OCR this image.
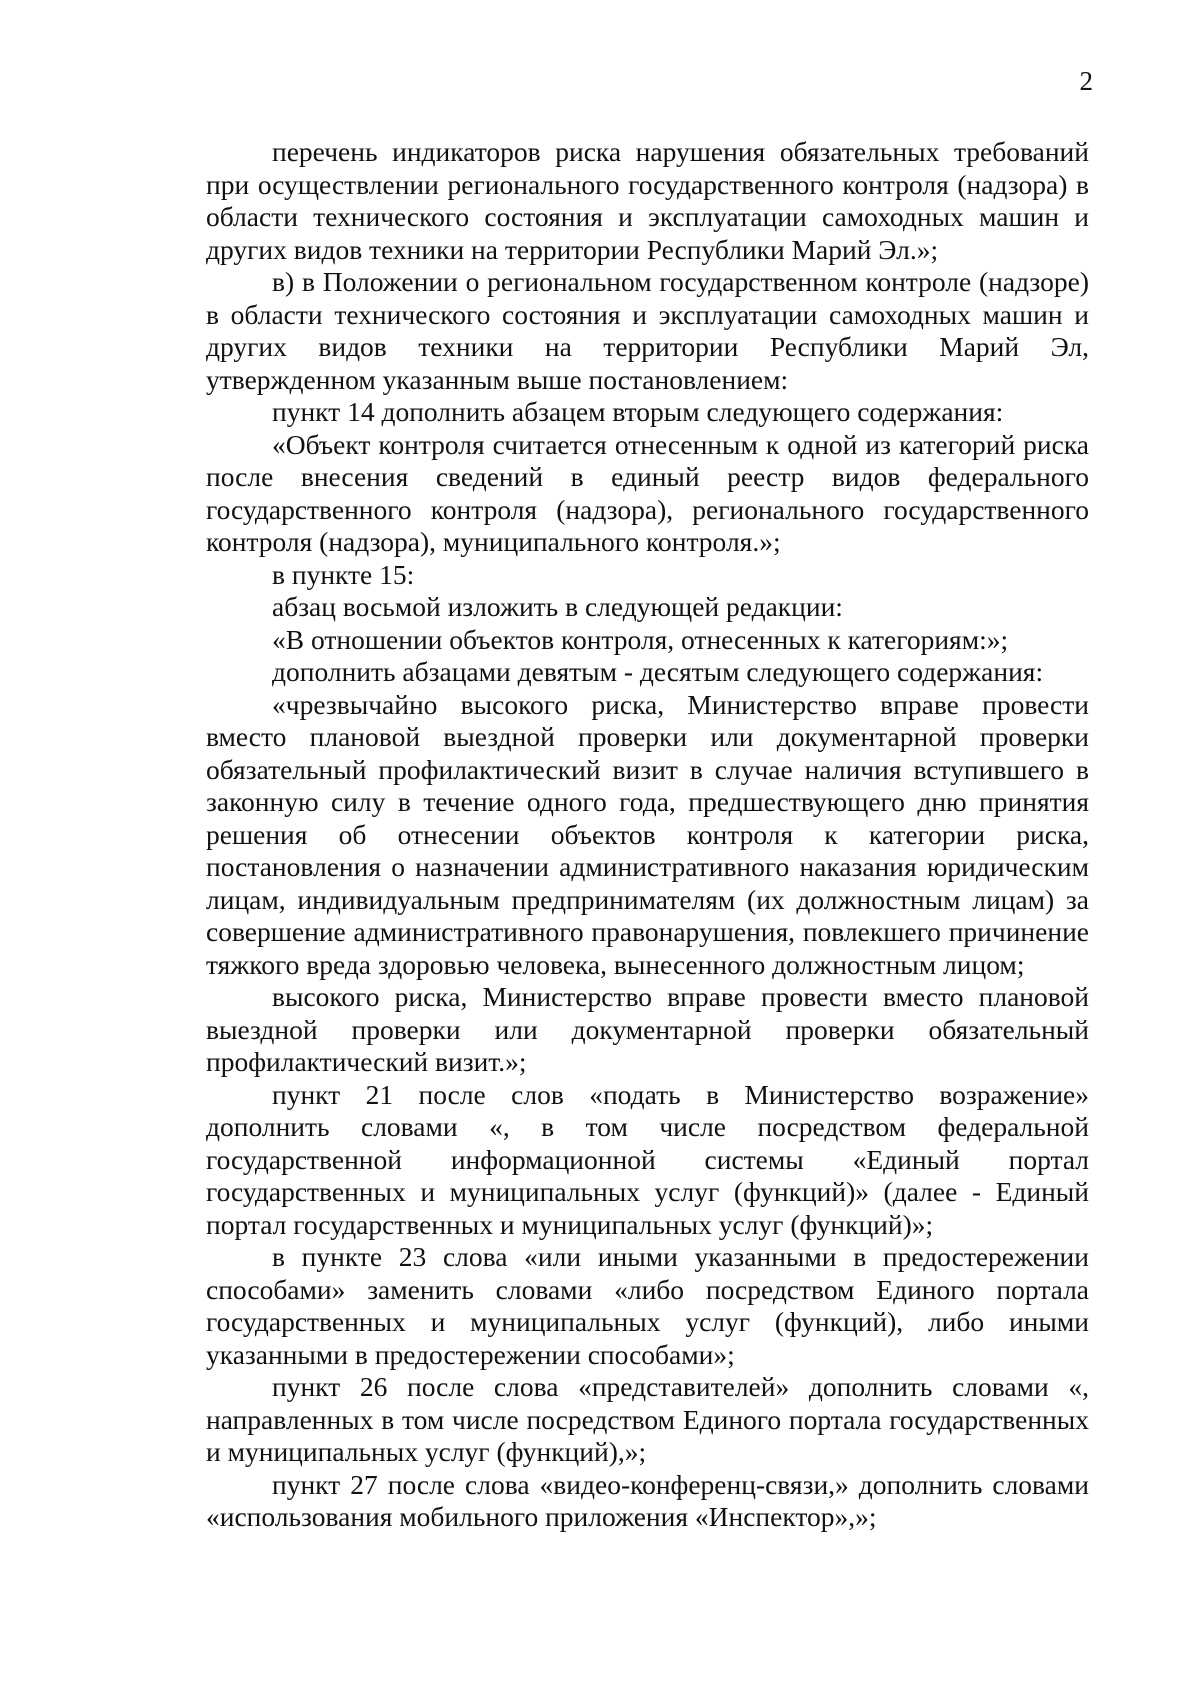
2

перечень индикаторов риска нарушения обязательных требований при осуществлении регионального государственного контроля (надзора) в области технического состояния и эксплуатации самоходных машин и других видов техники на территории Республики Марий Эл.»;

в) в Положении о региональном государственном контроле (надзоре) в области технического состояния и эксплуатации самоходных машин и других видов техники на территории Республики Марий Эл, утвержденном указанным выше постановлением:

пункт 14 дополнить абзацем вторым следующего содержания:

«Объект контроля считается отнесенным к одной из категорий риска после внесения сведений в единый реестр видов федерального государственного контроля (надзора), регионального государственного контроля (надзора), муниципального контроля.»;

в пункте 15:

абзац восьмой изложить в следующей редакции:

«В отношении объектов контроля, отнесенных к категориям:»;

дополнить абзацами девятым - десятым следующего содержания:

«чрезвычайно высокого риска, Министерство вправе провести вместо плановой выездной проверки или документарной проверки обязательный профилактический визит в случае наличия вступившего в законную силу в течение одного года, предшествующего дню принятия решения об отнесении объектов контроля к категории риска, постановления о назначении административного наказания юридическим лицам, индивидуальным предпринимателям (их должностным лицам) за совершение административного правонарушения, повлекшего причинение тяжкого вреда здоровью человека, вынесенного должностным лицом;

высокого риска, Министерство вправе провести вместо плановой выездной проверки или документарной проверки обязательный профилактический визит.»;

пункт 21 после слов «подать в Министерство возражение» дополнить словами «, в том числе посредством федеральной государственной информационной системы «Единый портал государственных и муниципальных услуг (функций)» (далее - Единый портал государственных и муниципальных услуг (функций)»;

в пункте 23 слова «или иными указанными в предостережении способами» заменить словами «либо посредством Единого портала государственных и муниципальных услуг (функций), либо иными указанными в предостережении способами»;

пункт 26 после слова «представителей» дополнить словами «, направленных в том числе посредством Единого портала государственных и муниципальных услуг (функций),»;

пункт 27 после слова «видео-конференц-связи,» дополнить словами «использования мобильного приложения «Инспектор»,»;
